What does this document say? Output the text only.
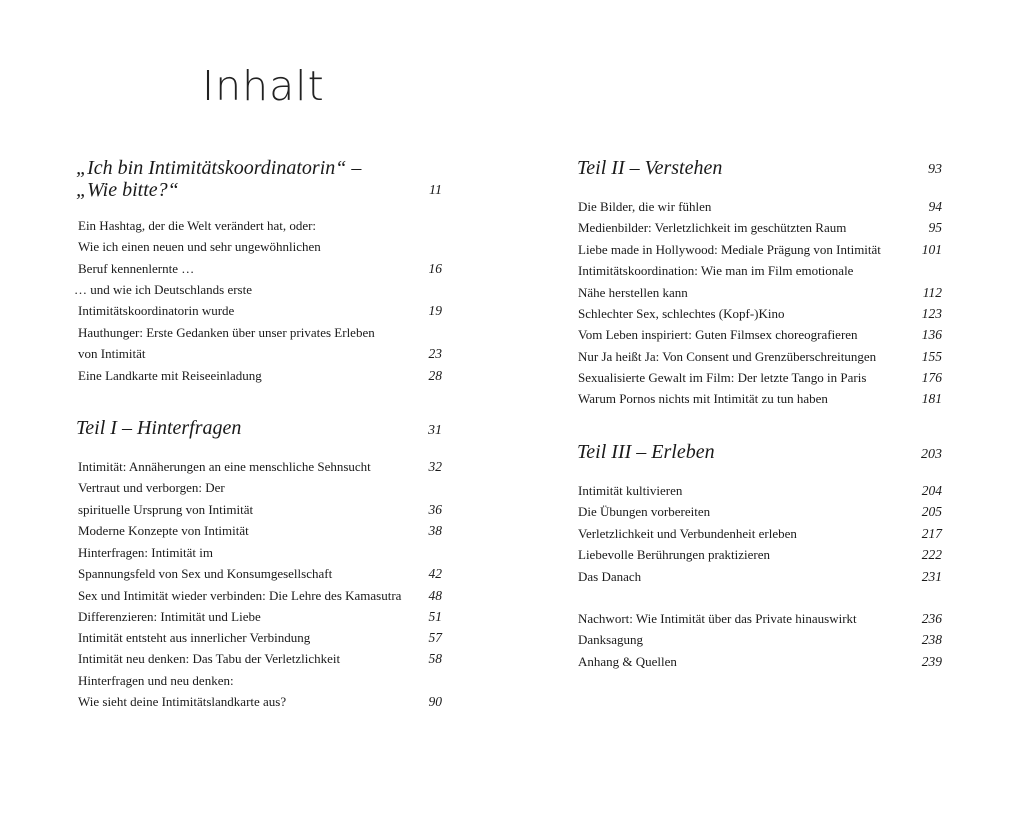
Inhalt
„Ich bin Intimitätskoordinatorin“ –
„Wie bitte?“	11
Ein Hashtag, der die Welt verändert hat, oder:
Wie ich einen neuen und sehr ungewöhnlichen
Beruf kennenlernte …	16
… und wie ich Deutschlands erste
Intimitätskoordinatorin wurde	19
Hauthunger: Erste Gedanken über unser privates Erleben
von Intimität	23
Eine Landkarte mit Reiseeinladung	28
Teil I – Hinterfragen	31
Intimität: Annäherungen an eine menschliche Sehnsucht	32
Vertraut und verborgen: Der
spirituelle Ursprung von Intimität	36
Moderne Konzepte von Intimität	38
Hinterfragen: Intimität im
Spannungsfeld von Sex und Konsumgesellschaft	42
Sex und Intimität wieder verbinden: Die Lehre des Kamasutra	48
Differenzieren: Intimität und Liebe	51
Intimität entsteht aus innerlicher Verbindung	57
Intimität neu denken: Das Tabu der Verletzlichkeit	58
Hinterfragen und neu denken:
Wie sieht deine Intimitätslandkarte aus?	90
Teil II – Verstehen	93
Die Bilder, die wir fühlen	94
Medienbilder: Verletzlichkeit im geschützten Raum	95
Liebe made in Hollywood: Mediale Prägung von Intimität	101
Intimitätskoordination: Wie man im Film emotionale
Nähe herstellen kann	112
Schlechter Sex, schlechtes (Kopf-)Kino	123
Vom Leben inspiriert: Guten Filmsex choreografieren	136
Nur Ja heißt Ja: Von Consent und Grenzüberschreitungen	155
Sexualisierte Gewalt im Film: Der letzte Tango in Paris	176
Warum Pornos nichts mit Intimität zu tun haben	181
Teil III – Erleben	203
Intimität kultivieren	204
Die Übungen vorbereiten	205
Verletzlichkeit und Verbundenheit erleben	217
Liebevolle Berührungen praktizieren	222
Das Danach	231
Nachwort: Wie Intimität über das Private hinauswirkt	236
Danksagung	238
Anhang & Quellen	239
